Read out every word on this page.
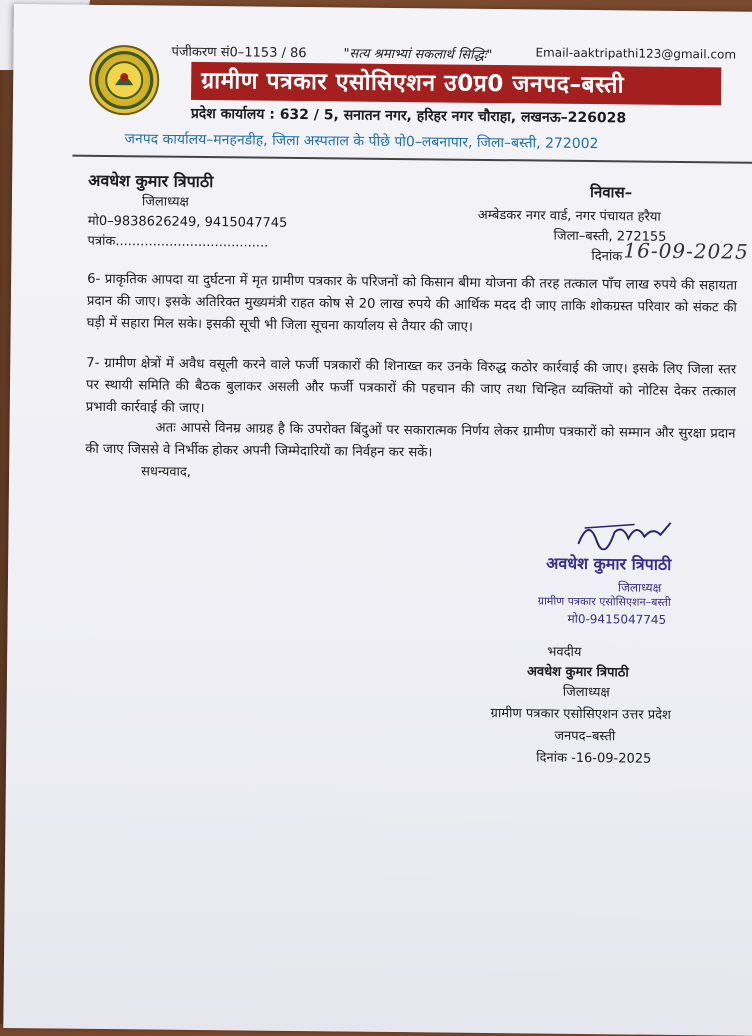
पंजीकरण सं0–1153 / 86	"सत्य श्रमाभ्यां सकलार्थ सिद्धिः"	Email-aaktripathi123@gmail.com
ग्रामीण पत्रकार एसोसिएशन उ0प्र0 जनपद–बस्ती
प्रदेश कार्यालय : 632 / 5, सनातन नगर, हरिहर नगर चौराहा, लखनऊ–226028
जनपद कार्यालय–मनहनडीह, जिला अस्पताल के पीछे पो0–लबनापार, जिला–बस्ती, 272002
अवधेश कुमार त्रिपाठी
जिलाध्यक्ष
मो0–9838626249, 9415047745
पत्रांक.....................................
निवास–
अम्बेडकर नगर वार्ड, नगर पंचायत हरैया
जिला–बस्ती, 272155
दिनांक 16-09-2025
6- प्राकृतिक आपदा या दुर्घटना में मृत ग्रामीण पत्रकार के परिजनों को किसान बीमा योजना की तरह तत्काल पाँच लाख रुपये की सहायता प्रदान की जाए। इसके अतिरिक्त मुख्यमंत्री राहत कोष से 20 लाख रुपये की आर्थिक मदद दी जाए ताकि शोकग्रस्त परिवार को संकट की घड़ी में सहारा मिल सके। इसकी सूची भी जिला सूचना कार्यालय से तैयार की जाए।
7- ग्रामीण क्षेत्रों में अवैध वसूली करने वाले फर्जी पत्रकारों की शिनाख्त कर उनके विरुद्ध कठोर कार्रवाई की जाए। इसके लिए जिला स्तर पर स्थायी समिति की बैठक बुलाकर असली और फर्जी पत्रकारों की पहचान की जाए तथा चिन्हित व्यक्तियों को नोटिस देकर तत्काल प्रभावी कार्रवाई की जाए।
अतः आपसे विनम्र आग्रह है कि उपरोक्त बिंदुओं पर सकारात्मक निर्णय लेकर ग्रामीण पत्रकारों को सम्मान और सुरक्षा प्रदान की जाए जिससे वे निर्भीक होकर अपनी जिम्मेदारियों का निर्वहन कर सकें।
सधन्यवाद,
अवधेश कुमार त्रिपाठी
जिलाध्यक्ष
ग्रामीण पत्रकार एसोसिएशन–बस्ती
मो0-9415047745
भवदीय
अवधेश कुमार त्रिपाठी
जिलाध्यक्ष
ग्रामीण पत्रकार एसोसिएशन उत्तर प्रदेश
जनपद–बस्ती
दिनांक -16-09-2025
